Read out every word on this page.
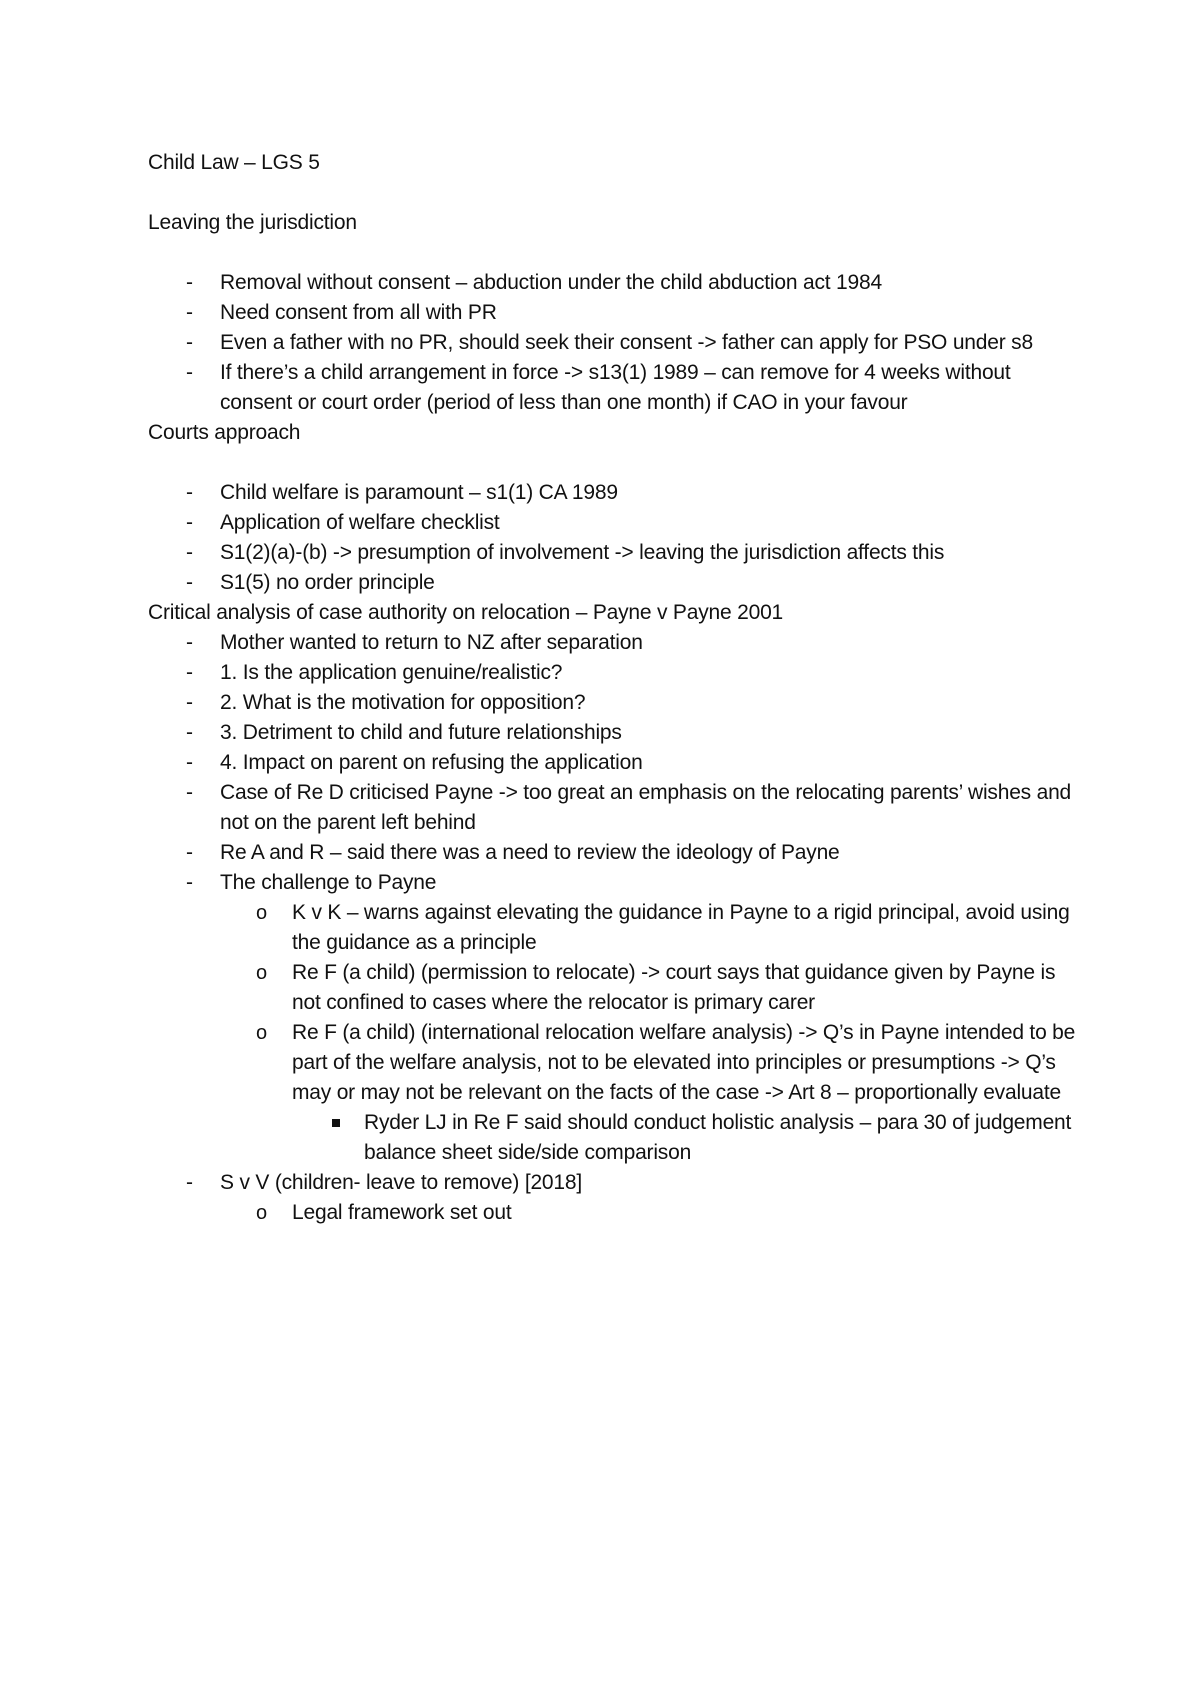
Child Law – LGS 5

Leaving the jurisdiction

- Removal without consent – abduction under the child abduction act 1984
- Need consent from all with PR
- Even a father with no PR, should seek their consent -> father can apply for PSO under s8
- If there’s a child arrangement in force -> s13(1) 1989 – can remove for 4 weeks without consent or court order (period of less than one month) if CAO in your favour

Courts approach

- Child welfare is paramount – s1(1) CA 1989
- Application of welfare checklist
- S1(2)(a)-(b) -> presumption of involvement -> leaving the jurisdiction affects this
- S1(5) no order principle

Critical analysis of case authority on relocation – Payne v Payne 2001

- Mother wanted to return to NZ after separation
- 1. Is the application genuine/realistic?
- 2. What is the motivation for opposition?
- 3. Detriment to child and future relationships
- 4. Impact on parent on refusing the application
- Case of Re D criticised Payne -> too great an emphasis on the relocating parents’ wishes and not on the parent left behind
- Re A and R – said there was a need to review the ideology of Payne
- The challenge to Payne
o K v K – warns against elevating the guidance in Payne to a rigid principal, avoid using the guidance as a principle
o Re F (a child) (permission to relocate) -> court says that guidance given by Payne is not confined to cases where the relocator is primary carer
o Re F (a child) (international relocation welfare analysis) -> Q’s in Payne intended to be part of the welfare analysis, not to be elevated into principles or presumptions -> Q’s may or may not be relevant on the facts of the case -> Art 8 – proportionally evaluate
Ryder LJ in Re F said should conduct holistic analysis – para 30 of judgement balance sheet side/side comparison
- S v V (children- leave to remove) [2018]
o Legal framework set out
